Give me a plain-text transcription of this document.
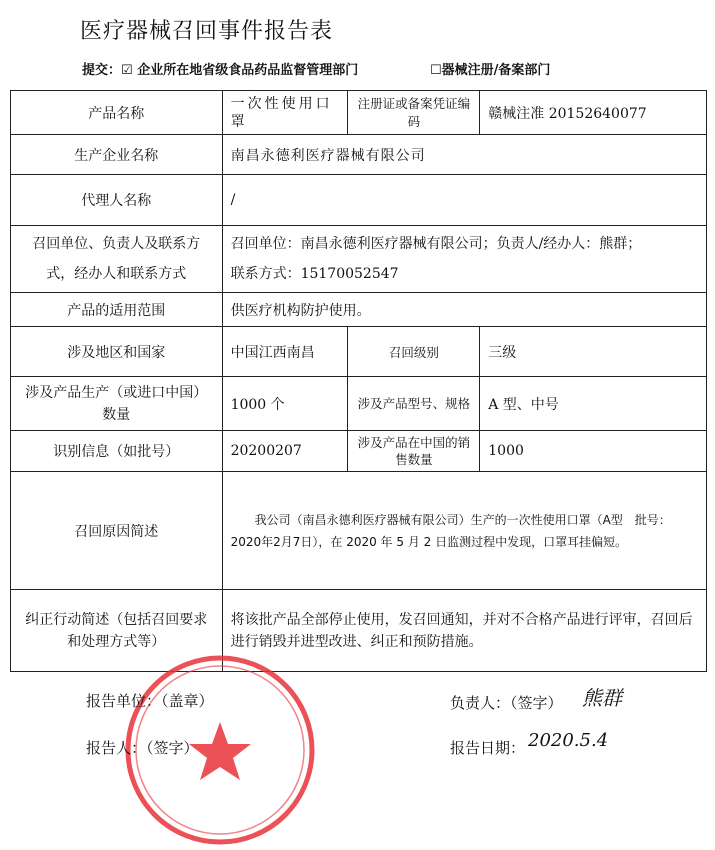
医疗器械召回事件报告表
提交：☑ 企业所在地省级食品药品监督管理部门	☐器械注册/备案部门
产品名称	一次性使用口罩	注册证或备案凭证编码	赣械注准 20152640077
生产企业名称	南昌永德利医疗器械有限公司		
代理人名称	/		
召回单位、负责人及联系方式，经办人和联系方式	召回单位：南昌永德利医疗器械有限公司；负责人/经办人：熊群；
联系方式：15170052547		

产品的适用范围	供医疗机构防护使用。		
涉及地区和国家	中国江西南昌	召回级别	三级
涉及产品生产（或进口中国）数量	1000 个	涉及产品型号、规格	A 型、中号
识别信息（如批号）	20200207	涉及产品在中国的销售数量	1000
召回原因简述	我公司（南昌永德利医疗器械有限公司）生产的一次性使用口罩（A型　批号：2020年2月7日），在 2020 年 5 月 2 日监测过程中发现，口罩耳挂偏短。		
纠正行动简述（包括召回要求和处理方式等）	将该批产品全部停止使用，发召回通知，并对不合格产品进行评审，召回后进行销毁并进型改进、纠正和预防措施。		
报告单位：（盖章）
报告人：（签字）
负责人：（签字） 熊群
报告日期： 2020.5.4
